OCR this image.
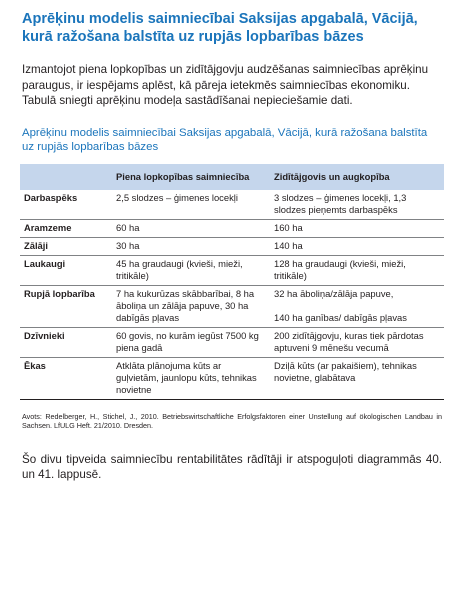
Aprēķinu modelis saimniecībai Saksijas apgabalā, Vācijā, kurā ražošana balstīta uz rupjās lopbarības bāzes

Izmantojot piena lopkopības un zidītājgovju audzēšanas saimniecības aprēķinu paraugus, ir iespējams aplēst, kā pāreja ietekmēs saimniecības ekonomiku. Tabulā sniegti aprēķinu modeļa sastādīšanai nepieciešamie dati.

Aprēķinu modelis saimniecībai Saksijas apgabalā, Vācijā, kurā ražošana balstīta uz rupjās lopbarības bāzes
	Piena lopkopības saimniecība	Zidītājgovis un augkopība
Darbaspēks	2,5 slodzes – ģimenes locekļi	3 slodzes – ģimenes locekļi, 1,3 slodzes pieņemts darbaspēks
Aramzeme	60 ha	160 ha
Zālāji	30 ha	140 ha
Laukaugi	45 ha graudaugi (kvieši, mieži, tritikāle)	128 ha graudaugi (kvieši, mieži, tritikāle)
Rupjā lopbarība	7 ha kukurūzas skābbarībai, 8 ha āboliņa un zālāja papuve, 30 ha dabīgās pļavas	32 ha āboliņa/zālāja papuve,

140 ha ganības/ dabīgās pļavas
Dzīvnieki	60 govis, no kurām iegūst 7500 kg piena gadā	200 zidītājgovju, kuras tiek pārdotas aptuveni 9 mēnešu vecumā
Ēkas	Atklāta plānojuma kūts ar guļvietām, jaunlopu kūts, tehnikas novietne	Dziļā kūts (ar pakaišiem), tehnikas novietne, glabātava

Avots: Redelberger, H., Stichel, J., 2010. Betriebswirtschaftliche Erfolgsfaktoren einer Unstellung auf ökologischen Landbau in Sachsen. LfULG Heft. 21/2010. Dresden.

Šo divu tipveida saimniecību rentabilitātes rādītāji ir atspoguļoti diagrammās 40. un 41. lappusē.
